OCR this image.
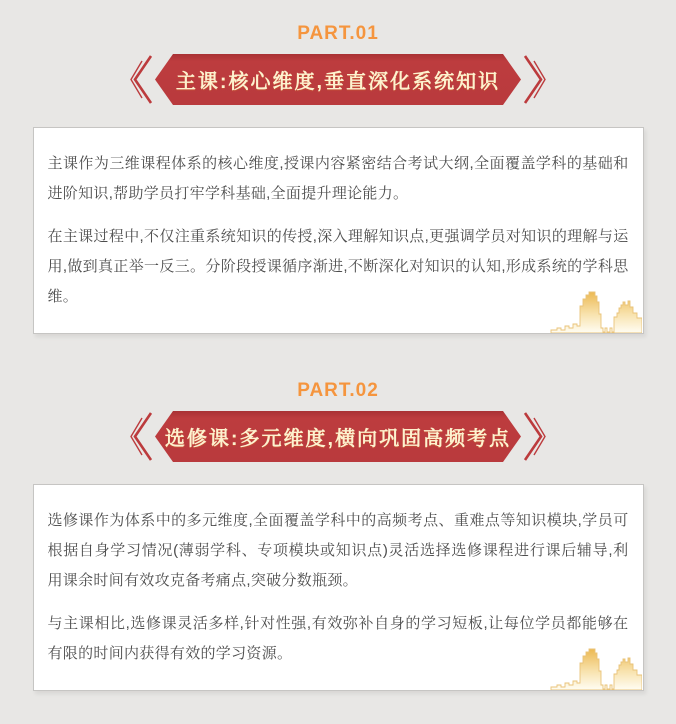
PART.01
主课:核心维度,垂直深化系统知识

主课作为三维课程体系的核心维度,授课内容紧密结合考试大纲,全面覆盖学科的基础和进阶知识,帮助学员打牢学科基础,全面提升理论能力。

在主课过程中,不仅注重系统知识的传授,深入理解知识点,更强调学员对知识的理解与运用,做到真正举一反三。分阶段授课循序渐进,不断深化对知识的认知,形成系统的学科思维。

PART.02
选修课:多元维度,横向巩固高频考点

选修课作为体系中的多元维度,全面覆盖学科中的高频考点、重难点等知识模块,学员可根据自身学习情况(薄弱学科、专项模块或知识点)灵活选择选修课程进行课后辅导,利用课余时间有效攻克备考痛点,突破分数瓶颈。

与主课相比,选修课灵活多样,针对性强,有效弥补自身的学习短板,让每位学员都能够在有限的时间内获得有效的学习资源。
